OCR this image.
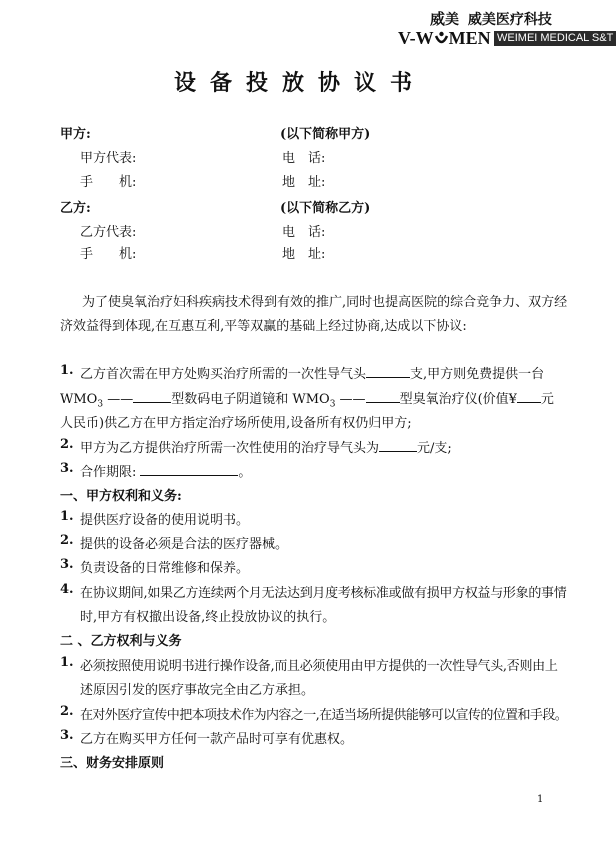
威美 威美医疗科技
V-W MEN WEIMEI MEDICAL S&T
设备投放协议书
甲方:	(以下简称甲方)
甲方代表:	电　话:
手　　机:	地　址:
乙方:	(以下简称乙方)
乙方代表:	电　话:
手　　机:	地　址:
为了使臭氧治疗妇科疾病技术得到有效的推广,同时也提高医院的综合竞争力、双方经
济效益得到体现,在互惠互利,平等双赢的基础上经过协商,达成以下协议:
1. 乙方首次需在甲方处购买治疗所需的一次性导气头	支,甲方则免费提供一台
$WMO_3$ ——	型数码电子阴道镜和 $WMO_3$ ——	型臭氧治疗仪(价值¥ 元
人民币)供乙方在甲方指定治疗场所使用,设备所有权仍归甲方;
2. 甲方为乙方提供治疗所需一次性使用的治疗导气头为	元/支;
3. 合作期限:	。
一、甲方权利和义务:
1. 提供医疗设备的使用说明书。
2. 提供的设备必须是合法的医疗器械。
3. 负责设备的日常维修和保养。
4. 在协议期间,如果乙方连续两个月无法达到月度考核标准或做有损甲方权益与形象的事情
时,甲方有权撤出设备,终止投放协议的执行。
二 、乙方权利与义务
1. 必须按照使用说明书进行操作设备,而且必须使用由甲方提供的一次性导气头,否则由上
述原因引发的医疗事故完全由乙方承担。
2. 在对外医疗宣传中把本项技术作为内容之一,在适当场所提供能够可以宣传的位置和手段。
3. 乙方在购买甲方任何一款产品时可享有优惠权。
三、财务安排原则
1
